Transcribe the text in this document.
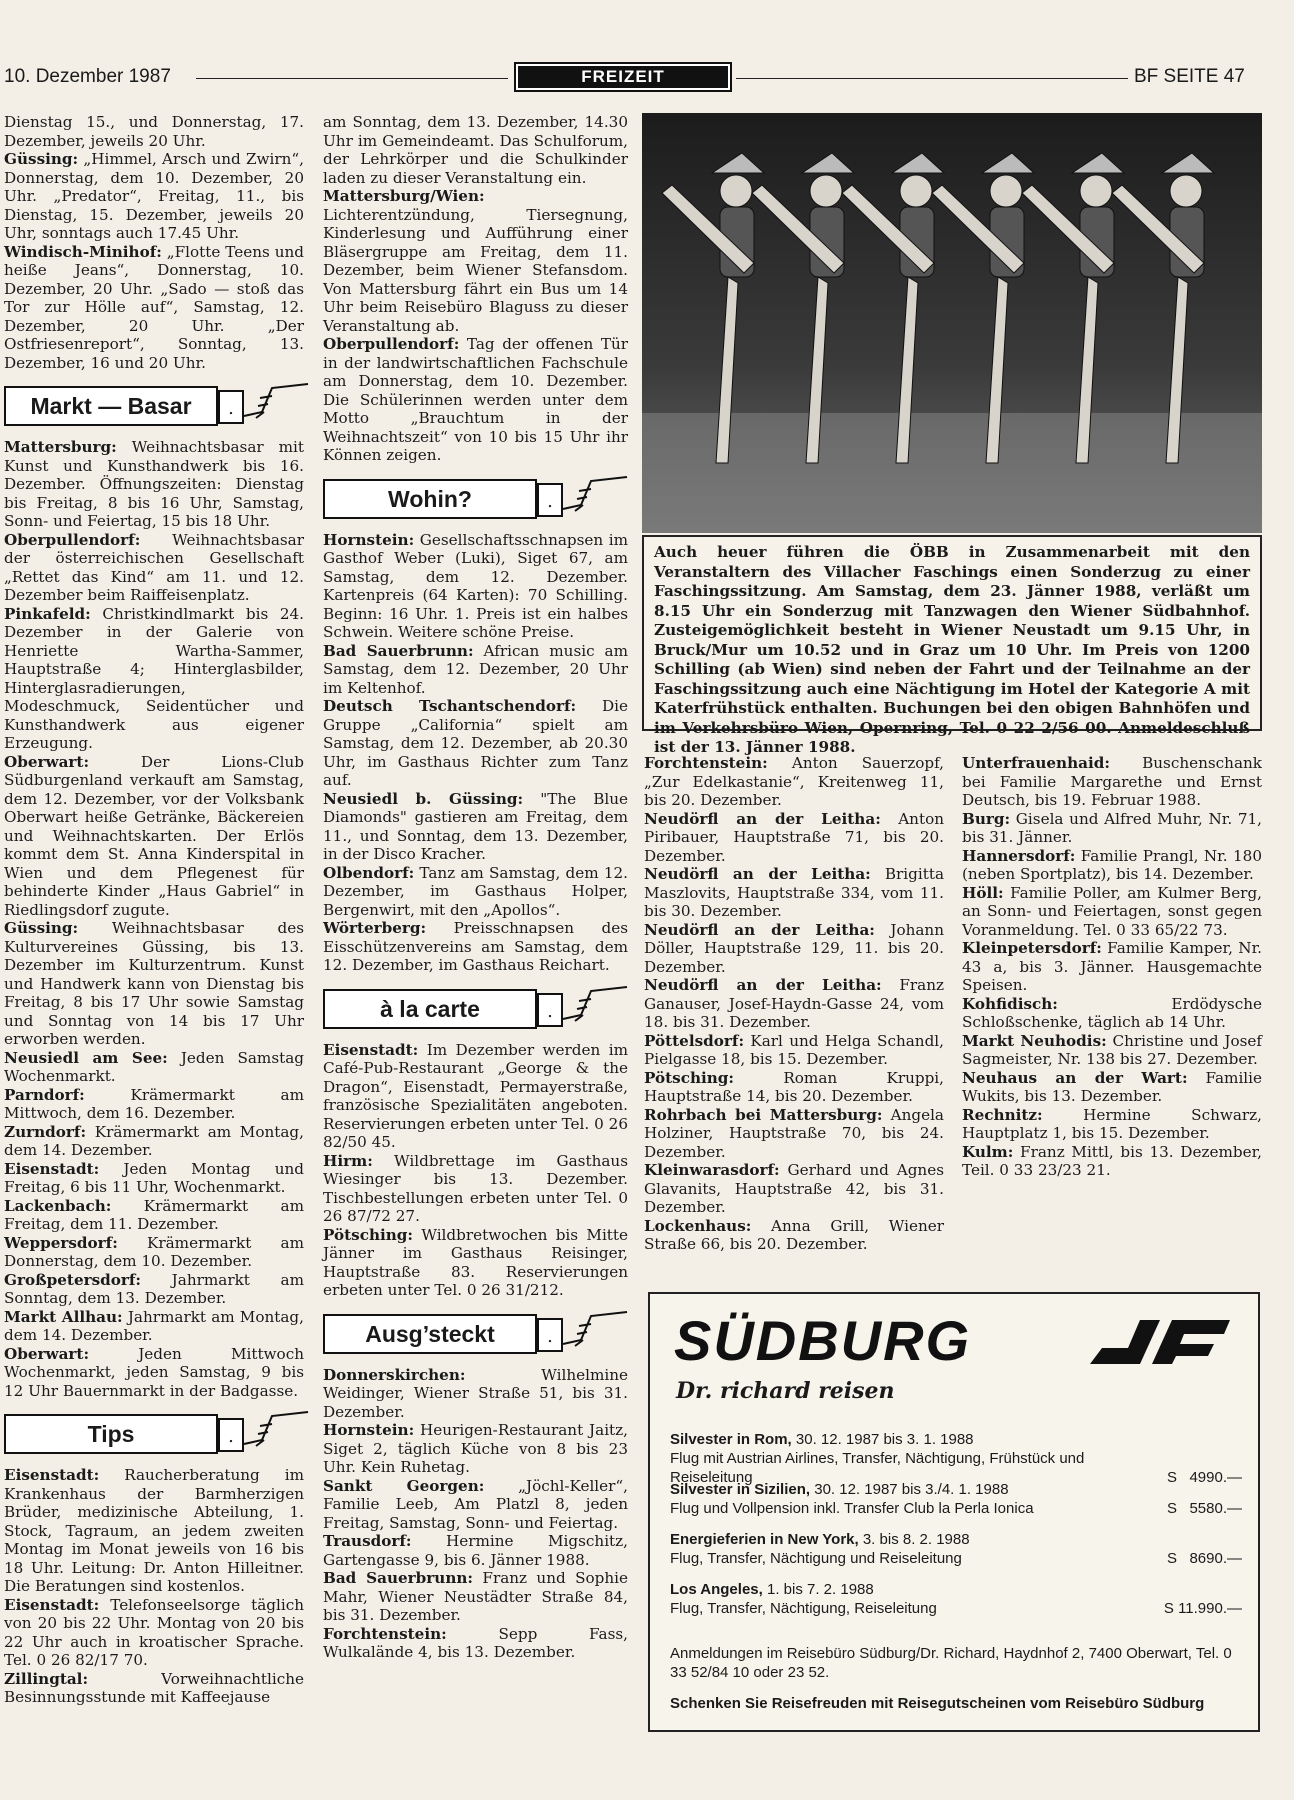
10. Dezember 1987	FREIZEIT	BF SEITE 47

Dienstag 15., und Donnerstag, 17. Dezember, jeweils 20 Uhr.

Güssing: „Himmel, Arsch und Zwirn“, Donnerstag, dem 10. Dezember, 20 Uhr. „Predator“, Freitag, 11., bis Dienstag, 15. Dezember, jeweils 20 Uhr, sonntags auch 17.45 Uhr.

Windisch-Minihof: „Flotte Teens und heiße Jeans“, Donnerstag, 10. Dezember, 20 Uhr. „Sado — stoß das Tor zur Hölle auf“, Samstag, 12. Dezember, 20 Uhr. „Der Ostfriesenreport“, Sonntag, 13. Dezember, 16 und 20 Uhr.

Markt — Basar	.

Mattersburg: Weihnachtsbasar mit Kunst und Kunsthandwerk bis 16. Dezember. Öffnungszeiten: Dienstag bis Freitag, 8 bis 16 Uhr, Samstag, Sonn- und Feiertag, 15 bis 18 Uhr.

Oberpullendorf: Weihnachtsbasar der österreichischen Gesellschaft „Rettet das Kind“ am 11. und 12. Dezember beim Raiffeisenplatz.

Pinkafeld: Christkindlmarkt bis 24. Dezember in der Galerie von Henriette Wartha-Sammer, Hauptstraße 4; Hinterglasbilder, Hinterglasradierungen, Modeschmuck, Seidentücher und Kunsthandwerk aus eigener Erzeugung.

Oberwart: Der Lions-Club Südburgenland verkauft am Samstag, dem 12. Dezember, vor der Volksbank Oberwart heiße Getränke, Bäckereien und Weihnachtskarten. Der Erlös kommt dem St. Anna Kinderspital in Wien und dem Pflegenest für behinderte Kinder „Haus Gabriel“ in Riedlingsdorf zugute.

Güssing: Weihnachtsbasar des Kulturvereines Güssing, bis 13. Dezember im Kulturzentrum. Kunst und Handwerk kann von Dienstag bis Freitag, 8 bis 17 Uhr sowie Samstag und Sonntag von 14 bis 17 Uhr erworben werden.

Neusiedl am See: Jeden Samstag Wochenmarkt.

Parndorf: Krämermarkt am Mittwoch, dem 16. Dezember.

Zurndorf: Krämermarkt am Montag, dem 14. Dezember.

Eisenstadt: Jeden Montag und Freitag, 6 bis 11 Uhr, Wochenmarkt.

Lackenbach: Krämermarkt am Freitag, dem 11. Dezember.

Weppersdorf: Krämermarkt am Donnerstag, dem 10. Dezember.

Großpetersdorf: Jahrmarkt am Sonntag, dem 13. Dezember.

Markt Allhau: Jahrmarkt am Montag, dem 14. Dezember.

Oberwart: Jeden Mittwoch Wochenmarkt, jeden Samstag, 9 bis 12 Uhr Bauernmarkt in der Badgasse.

Tips	.

Eisenstadt: Raucherberatung im Krankenhaus der Barmherzigen Brüder, medizinische Abteilung, 1. Stock, Tagraum, an jedem zweiten Montag im Monat jeweils von 16 bis 18 Uhr. Leitung: Dr. Anton Hilleitner. Die Beratungen sind kostenlos.

Eisenstadt: Telefonseelsorge täglich von 20 bis 22 Uhr. Montag von 20 bis 22 Uhr auch in kroatischer Sprache. Tel. 0 26 82/17 70.

Zillingtal: Vorweihnachtliche Besinnungsstunde mit Kaffeejause

am Sonntag, dem 13. Dezember, 14.30 Uhr im Gemeindeamt. Das Schulforum, der Lehrkörper und die Schulkinder laden zu dieser Veranstaltung ein.

Mattersburg/Wien: Lichterentzündung, Tiersegnung, Kinderlesung und Aufführung einer Bläsergruppe am Freitag, dem 11. Dezember, beim Wiener Stefansdom. Von Mattersburg fährt ein Bus um 14 Uhr beim Reisebüro Blaguss zu dieser Veranstaltung ab.

Oberpullendorf: Tag der offenen Tür in der landwirtschaftlichen Fachschule am Donnerstag, dem 10. Dezember. Die Schülerinnen werden unter dem Motto „Brauchtum in der Weihnachtszeit“ von 10 bis 15 Uhr ihr Können zeigen.

Wohin?	.

Hornstein: Gesellschaftsschnapsen im Gasthof Weber (Luki), Siget 67, am Samstag, dem 12. Dezember. Kartenpreis (64 Karten): 70 Schilling. Beginn: 16 Uhr. 1. Preis ist ein halbes Schwein. Weitere schöne Preise.

Bad Sauerbrunn: African music am Samstag, dem 12. Dezember, 20 Uhr im Keltenhof.

Deutsch Tschantschendorf: Die Gruppe „California“ spielt am Samstag, dem 12. Dezember, ab 20.30 Uhr, im Gasthaus Richter zum Tanz auf.

Neusiedl b. Güssing: "The Blue Diamonds" gastieren am Freitag, dem 11., und Sonntag, dem 13. Dezember, in der Disco Kracher.

Olbendorf: Tanz am Samstag, dem 12. Dezember, im Gasthaus Holper, Bergenwirt, mit den „Apollos“.

Wörterberg: Preisschnapsen des Eisschützenvereins am Samstag, dem 12. Dezember, im Gasthaus Reichart.

à la carte	.

Eisenstadt: Im Dezember werden im Café-Pub-Restaurant „George & the Dragon“, Eisenstadt, Permayerstraße, französische Spezialitäten angeboten. Reservierungen erbeten unter Tel. 0 26 82/50 45.

Hirm: Wildbrettage im Gasthaus Wiesinger bis 13. Dezember. Tischbestellungen erbeten unter Tel. 0 26 87/72 27.

Pötsching: Wildbretwochen bis Mitte Jänner im Gasthaus Reisinger, Hauptstraße 83. Reservierungen erbeten unter Tel. 0 26 31/212.

Ausg’steckt	.

Donnerskirchen: Wilhelmine Weidinger, Wiener Straße 51, bis 31. Dezember.

Hornstein: Heurigen-Restaurant Jaitz, Siget 2, täglich Küche von 8 bis 23 Uhr. Kein Ruhetag.

Sankt Georgen: „Jöchl-Keller“, Familie Leeb, Am Platzl 8, jeden Freitag, Samstag, Sonn- und Feiertag.

Trausdorf: Hermine Migschitz, Gartengasse 9, bis 6. Jänner 1988.

Bad Sauerbrunn: Franz und Sophie Mahr, Wiener Neustädter Straße 84, bis 31. Dezember.

Forchtenstein: Sepp Fass, Wulkalände 4, bis 13. Dezember.

Auch heuer führen die ÖBB in Zusammenarbeit mit den Veranstaltern des Villacher Faschings einen Sonderzug zu einer Faschingssitzung. Am Samstag, dem 23. Jänner 1988, verläßt um 8.15 Uhr ein Sonderzug mit Tanzwagen den Wiener Südbahnhof. Zusteigemöglichkeit besteht in Wiener Neustadt um 9.15 Uhr, in Bruck/Mur um 10.52 und in Graz um 10 Uhr. Im Preis von 1200 Schilling (ab Wien) sind neben der Fahrt und der Teilnahme an der Faschingssitzung auch eine Nächtigung im Hotel der Kategorie A mit Katerfrühstück enthalten. Buchungen bei den obigen Bahnhöfen und im Verkehrsbüro Wien, Opernring, Tel. 0 22 2/56 00. Anmeldeschluß ist der 13. Jänner 1988.

Forchtenstein: Anton Sauerzopf, „Zur Edelkastanie“, Kreitenweg 11, bis 20. Dezember.

Neudörfl an der Leitha: Anton Piribauer, Hauptstraße 71, bis 20. Dezember.

Neudörfl an der Leitha: Brigitta Maszlovits, Hauptstraße 334, vom 11. bis 30. Dezember.

Neudörfl an der Leitha: Johann Döller, Hauptstraße 129, 11. bis 20. Dezember.

Neudörfl an der Leitha: Franz Ganauser, Josef-Haydn-Gasse 24, vom 18. bis 31. Dezember.

Pöttelsdorf: Karl und Helga Schandl, Pielgasse 18, bis 15. Dezember.

Pötsching: Roman Kruppi, Hauptstraße 14, bis 20. Dezember.

Rohrbach bei Mattersburg: Angela Holziner, Hauptstraße 70, bis 24. Dezember.

Kleinwarasdorf: Gerhard und Agnes Glavanits, Hauptstraße 42, bis 31. Dezember.

Lockenhaus: Anna Grill, Wiener Straße 66, bis 20. Dezember.

Unterfrauenhaid: Buschenschank bei Familie Margarethe und Ernst Deutsch, bis 19. Februar 1988.

Burg: Gisela und Alfred Muhr, Nr. 71, bis 31. Jänner.

Hannersdorf: Familie Prangl, Nr. 180 (neben Sportplatz), bis 14. Dezember.

Höll: Familie Poller, am Kulmer Berg, an Sonn- und Feiertagen, sonst gegen Voranmeldung. Tel. 0 33 65/22 73.

Kleinpetersdorf: Familie Kamper, Nr. 43 a, bis 3. Jänner. Hausgemachte Speisen.

Kohfidisch: Erdödysche Schloßschenke, täglich ab 14 Uhr.

Markt Neuhodis: Christine und Josef Sagmeister, Nr. 138 bis 27. Dezember.

Neuhaus an der Wart: Familie Wukits, bis 13. Dezember.

Rechnitz: Hermine Schwarz, Hauptplatz 1, bis 15. Dezember.

Kulm: Franz Mittl, bis 13. Dezember, Teil. 0 33 23/23 21.

SÜDBURG
Dr. richard reisen
Silvester in Rom, 30. 12. 1987 bis 3. 1. 1988
Flug mit Austrian Airlines, Transfer, Nächtigung, Frühstück und Reiseleitung	S   4990.—
Silvester in Sizilien, 30. 12. 1987 bis 3./4. 1. 1988
Flug und Vollpension inkl. Transfer Club la Perla Ionica	S   5580.—
Energieferien in New York, 3. bis 8. 2. 1988
Flug, Transfer, Nächtigung und Reiseleitung	S   8690.—
Los Angeles, 1. bis 7. 2. 1988
Flug, Transfer, Nächtigung, Reiseleitung	S 11.990.—
Anmeldungen im Reisebüro Südburg/Dr. Richard, Haydnhof 2, 7400 Oberwart, Tel. 0 33 52/84 10 oder 23 52.
Schenken Sie Reisefreuden mit Reisegutscheinen vom Reisebüro Südburg
